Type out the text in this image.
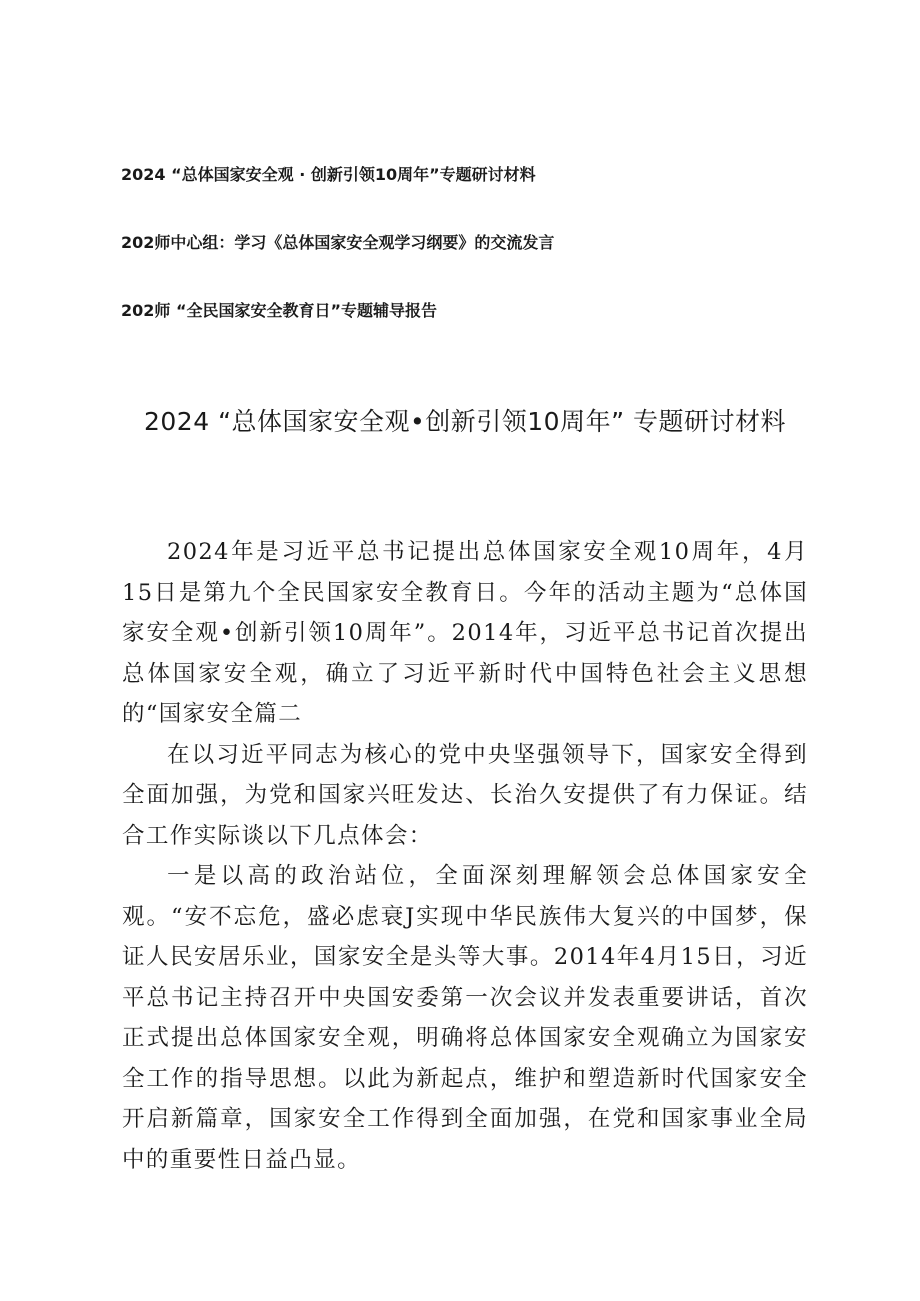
2024 “总体国家安全观 · 创新引领10周年”专题研讨材料
202师中心组：学习《总体国家安全观学习纲要》的交流发言
202师 “全民国家安全教育日”专题辅导报告
2024 “总体国家安全观•创新引领10周年” 专题研讨材料

2024年是习近平总书记提出总体国家安全观10周年，4月15日是第九个全民国家安全教育日。今年的活动主题为“总体国家安全观•创新引领10周年”。2014年，习近平总书记首次提出总体国家安全观，确立了习近平新时代中国特色社会主义思想的“国家安全篇二

在以习近平同志为核心的党中央坚强领导下，国家安全得到全面加强，为党和国家兴旺发达、长治久安提供了有力保证。结合工作实际谈以下几点体会：

一是以高的政治站位，全面深刻理解领会总体国家安全观。“安不忘危，盛必虑衰J实现中华民族伟大复兴的中国梦，保证人民安居乐业，国家安全是头等大事。2014年4月15日，习近平总书记主持召开中央国安委第一次会议并发表重要讲话，首次正式提出总体国家安全观，明确将总体国家安全观确立为国家安全工作的指导思想。以此为新起点，维护和塑造新时代国家安全开启新篇章，国家安全工作得到全面加强，在党和国家事业全局中的重要性日益凸显。
